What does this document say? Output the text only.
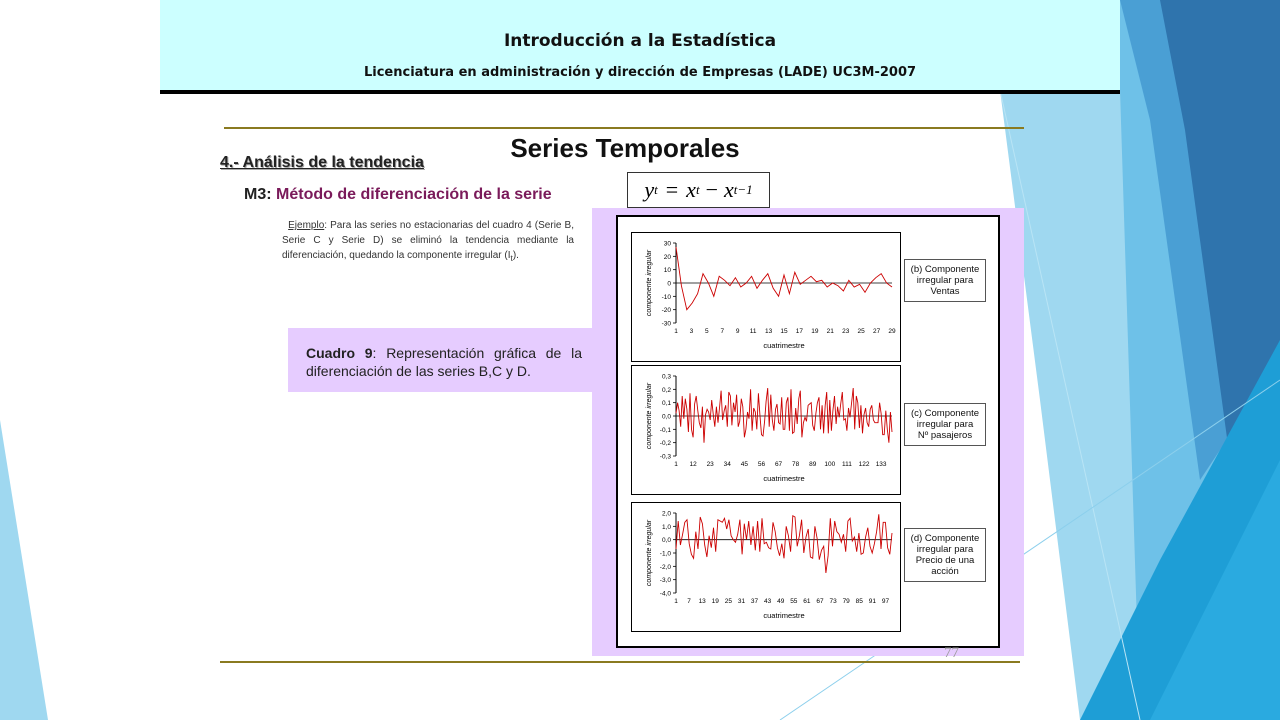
Introducción a la Estadística
Licenciatura en administración y dirección de Empresas (LADE) UC3M-2007
Series Temporales
4.- Análisis de la tendencia
M3: Método de diferenciación de la serie	y t = x t − x t−1
Ejemplo: Para las series no estacionarias del cuadro 4 (Serie B, Serie C y Serie D) se eliminó la tendencia mediante la diferenciación, quedando la componente irregular $(I_t)$.
Cuadro 9: Representación gráfica de la diferenciación de las series B,C y D.
30
20
10
0
-10
-20
-30
1 3 5 7 9 11 13 15 17 19 21 23 25 27 29
cuatrimestre
componente irregular	(b) Componente
irregular para
Ventas
0,3
0,2
0,1
0,0
-0,1
-0,2
-0,3
1 12 23 34 45 56 67 78 89 100 111 122 133
cuatrimestre
componente irregular	(c) Componente
irregular para
Nº pasajeros
2,0
1,0
0,0
-1,0
-2,0
-3,0
-4,0
1 7 13 19 25 31 37 43 49 55 61 67 73 79 85 91 97
cuatrimestre
componente irregular	(d) Componente
irregular para
Precio de una
acción
77
